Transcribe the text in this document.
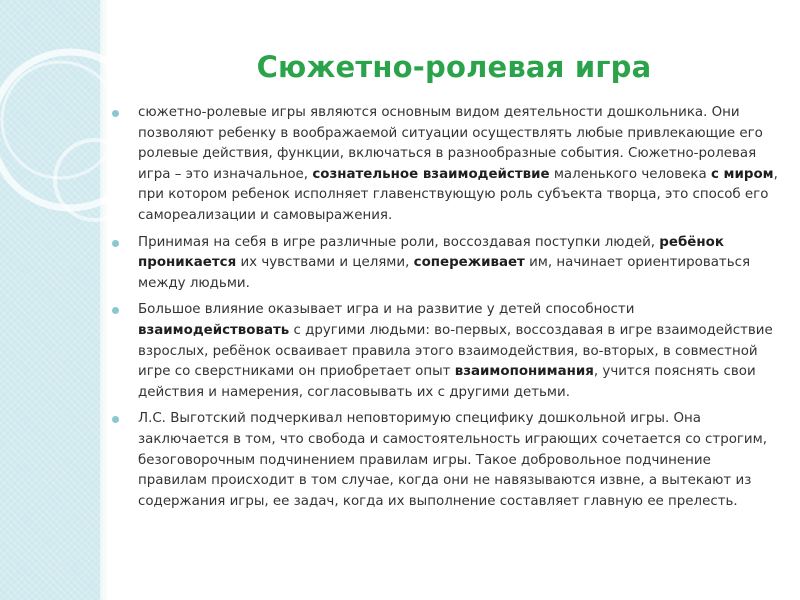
Сюжетно-ролевая игра
сюжетно-ролевые игры являются основным видом деятельности дошкольника. Они позволяют ребенку в воображаемой ситуации осуществлять любые привлекающие его ролевые действия, функции, включаться в разнообразные события. Сюжетно-ролевая игра – это изначальное, сознательное взаимодействие маленького человека с миром, при котором ребенок исполняет главенствующую роль субъекта творца, это способ его самореализации и самовыражения.
Принимая на себя в игре различные роли, воссоздавая поступки людей, ребёнок проникается их чувствами и целями, сопереживает им, начинает ориентироваться между людьми.
Большое влияние оказывает игра и на развитие у детей способности взаимодействовать с другими людьми: во-первых, воссоздавая в игре взаимодействие взрослых, ребёнок осваивает правила этого взаимодействия, во-вторых, в совместной игре со сверстниками он приобретает опыт взаимопонимания, учится пояснять свои действия и намерения, согласовывать их с другими детьми.
Л.С. Выготский подчеркивал неповторимую специфику дошкольной игры. Она заключается в том, что свобода и самостоятельность играющих сочетается со строгим, безоговорочным подчинением правилам игры. Такое добровольное подчинение правилам происходит в том случае, когда они не навязываются извне, а вытекают из содержания игры, ее задач, когда их выполнение составляет главную ее прелесть.
